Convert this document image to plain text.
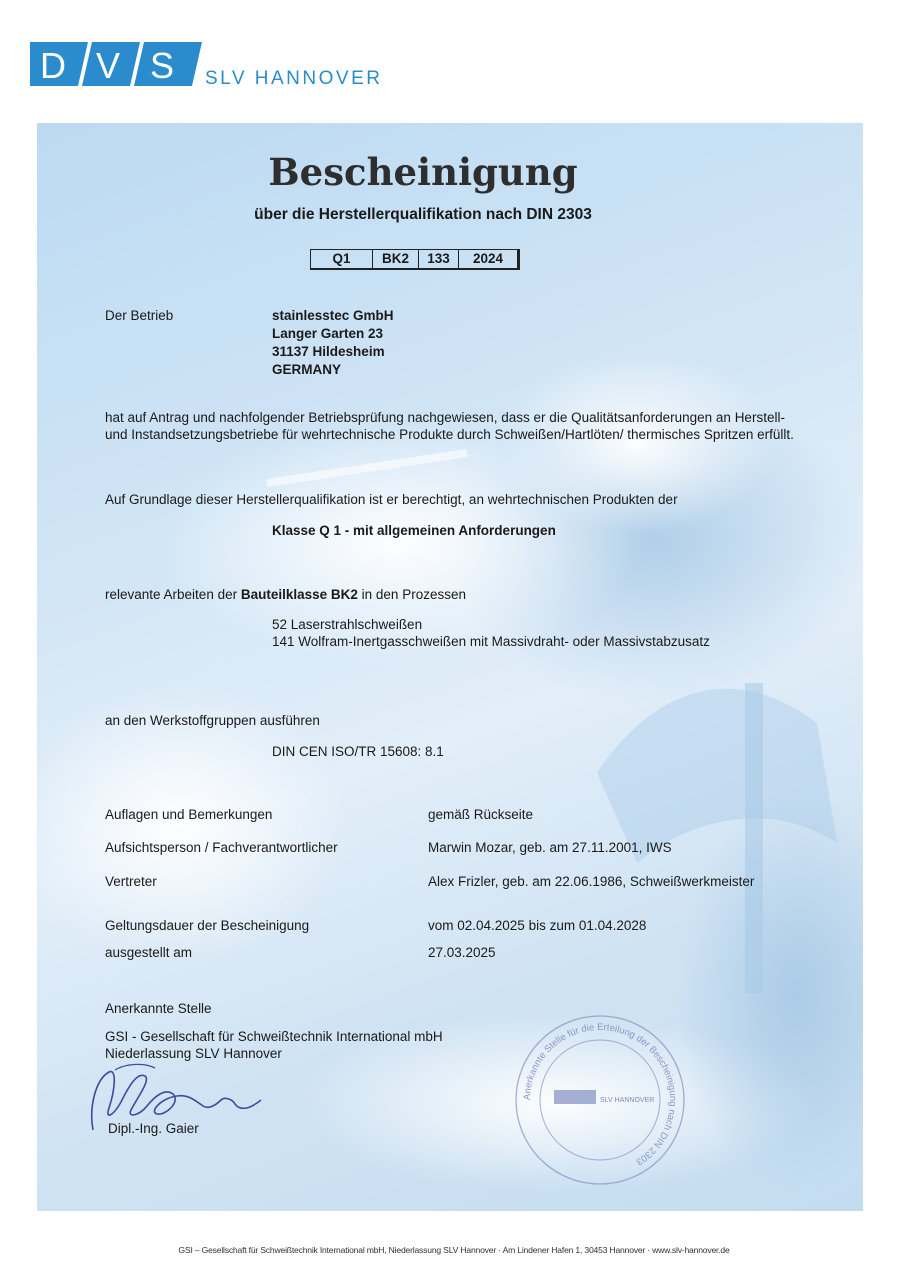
D V S SLV HANNOVER
Bescheinigung
über die Herstellerqualifikation nach DIN 2303
Q1	BK2	133	2024
Der Betrieb	stainlesstec GmbH
Langer Garten 23
31137 Hildesheim
GERMANY
hat auf Antrag und nachfolgender Betriebsprüfung nachgewiesen, dass er die Qualitätsanforderungen an Herstell- und Instandsetzungsbetriebe für wehrtechnische Produkte durch Schweißen/Hartlöten/ thermisches Spritzen erfüllt.
Auf Grundlage dieser Herstellerqualifikation ist er berechtigt, an wehrtechnischen Produkten der
Klasse Q 1 - mit allgemeinen Anforderungen
relevante Arbeiten der Bauteilklasse BK2 in den Prozessen
52 Laserstrahlschweißen
141 Wolfram-Inertgasschweißen mit Massivdraht- oder Massivstabzusatz
an den Werkstoffgruppen ausführen
DIN CEN ISO/TR 15608: 8.1
Auflagen und Bemerkungen	gemäß Rückseite
Aufsichtsperson / Fachverantwortlicher	Marwin Mozar, geb. am 27.11.2001, IWS
Vertreter	Alex Frizler, geb. am 22.06.1986, Schweißwerkmeister
Geltungsdauer der Bescheinigung	vom 02.04.2025 bis zum 01.04.2028
ausgestellt am	27.03.2025
Anerkannte Stelle
GSI - Gesellschaft für Schweißtechnik International mbH
Niederlassung SLV Hannover
Dipl.-Ing. Gaier
Anerkannte Stelle für die Erteilung der Bescheinigung nach DIN 2303
SLV HANNOVER
GSI – Gesellschaft für Schweißtechnik International mbH, Niederlassung SLV Hannover · Am Lindener Hafen 1, 30453 Hannover · www.slv-hannover.de
